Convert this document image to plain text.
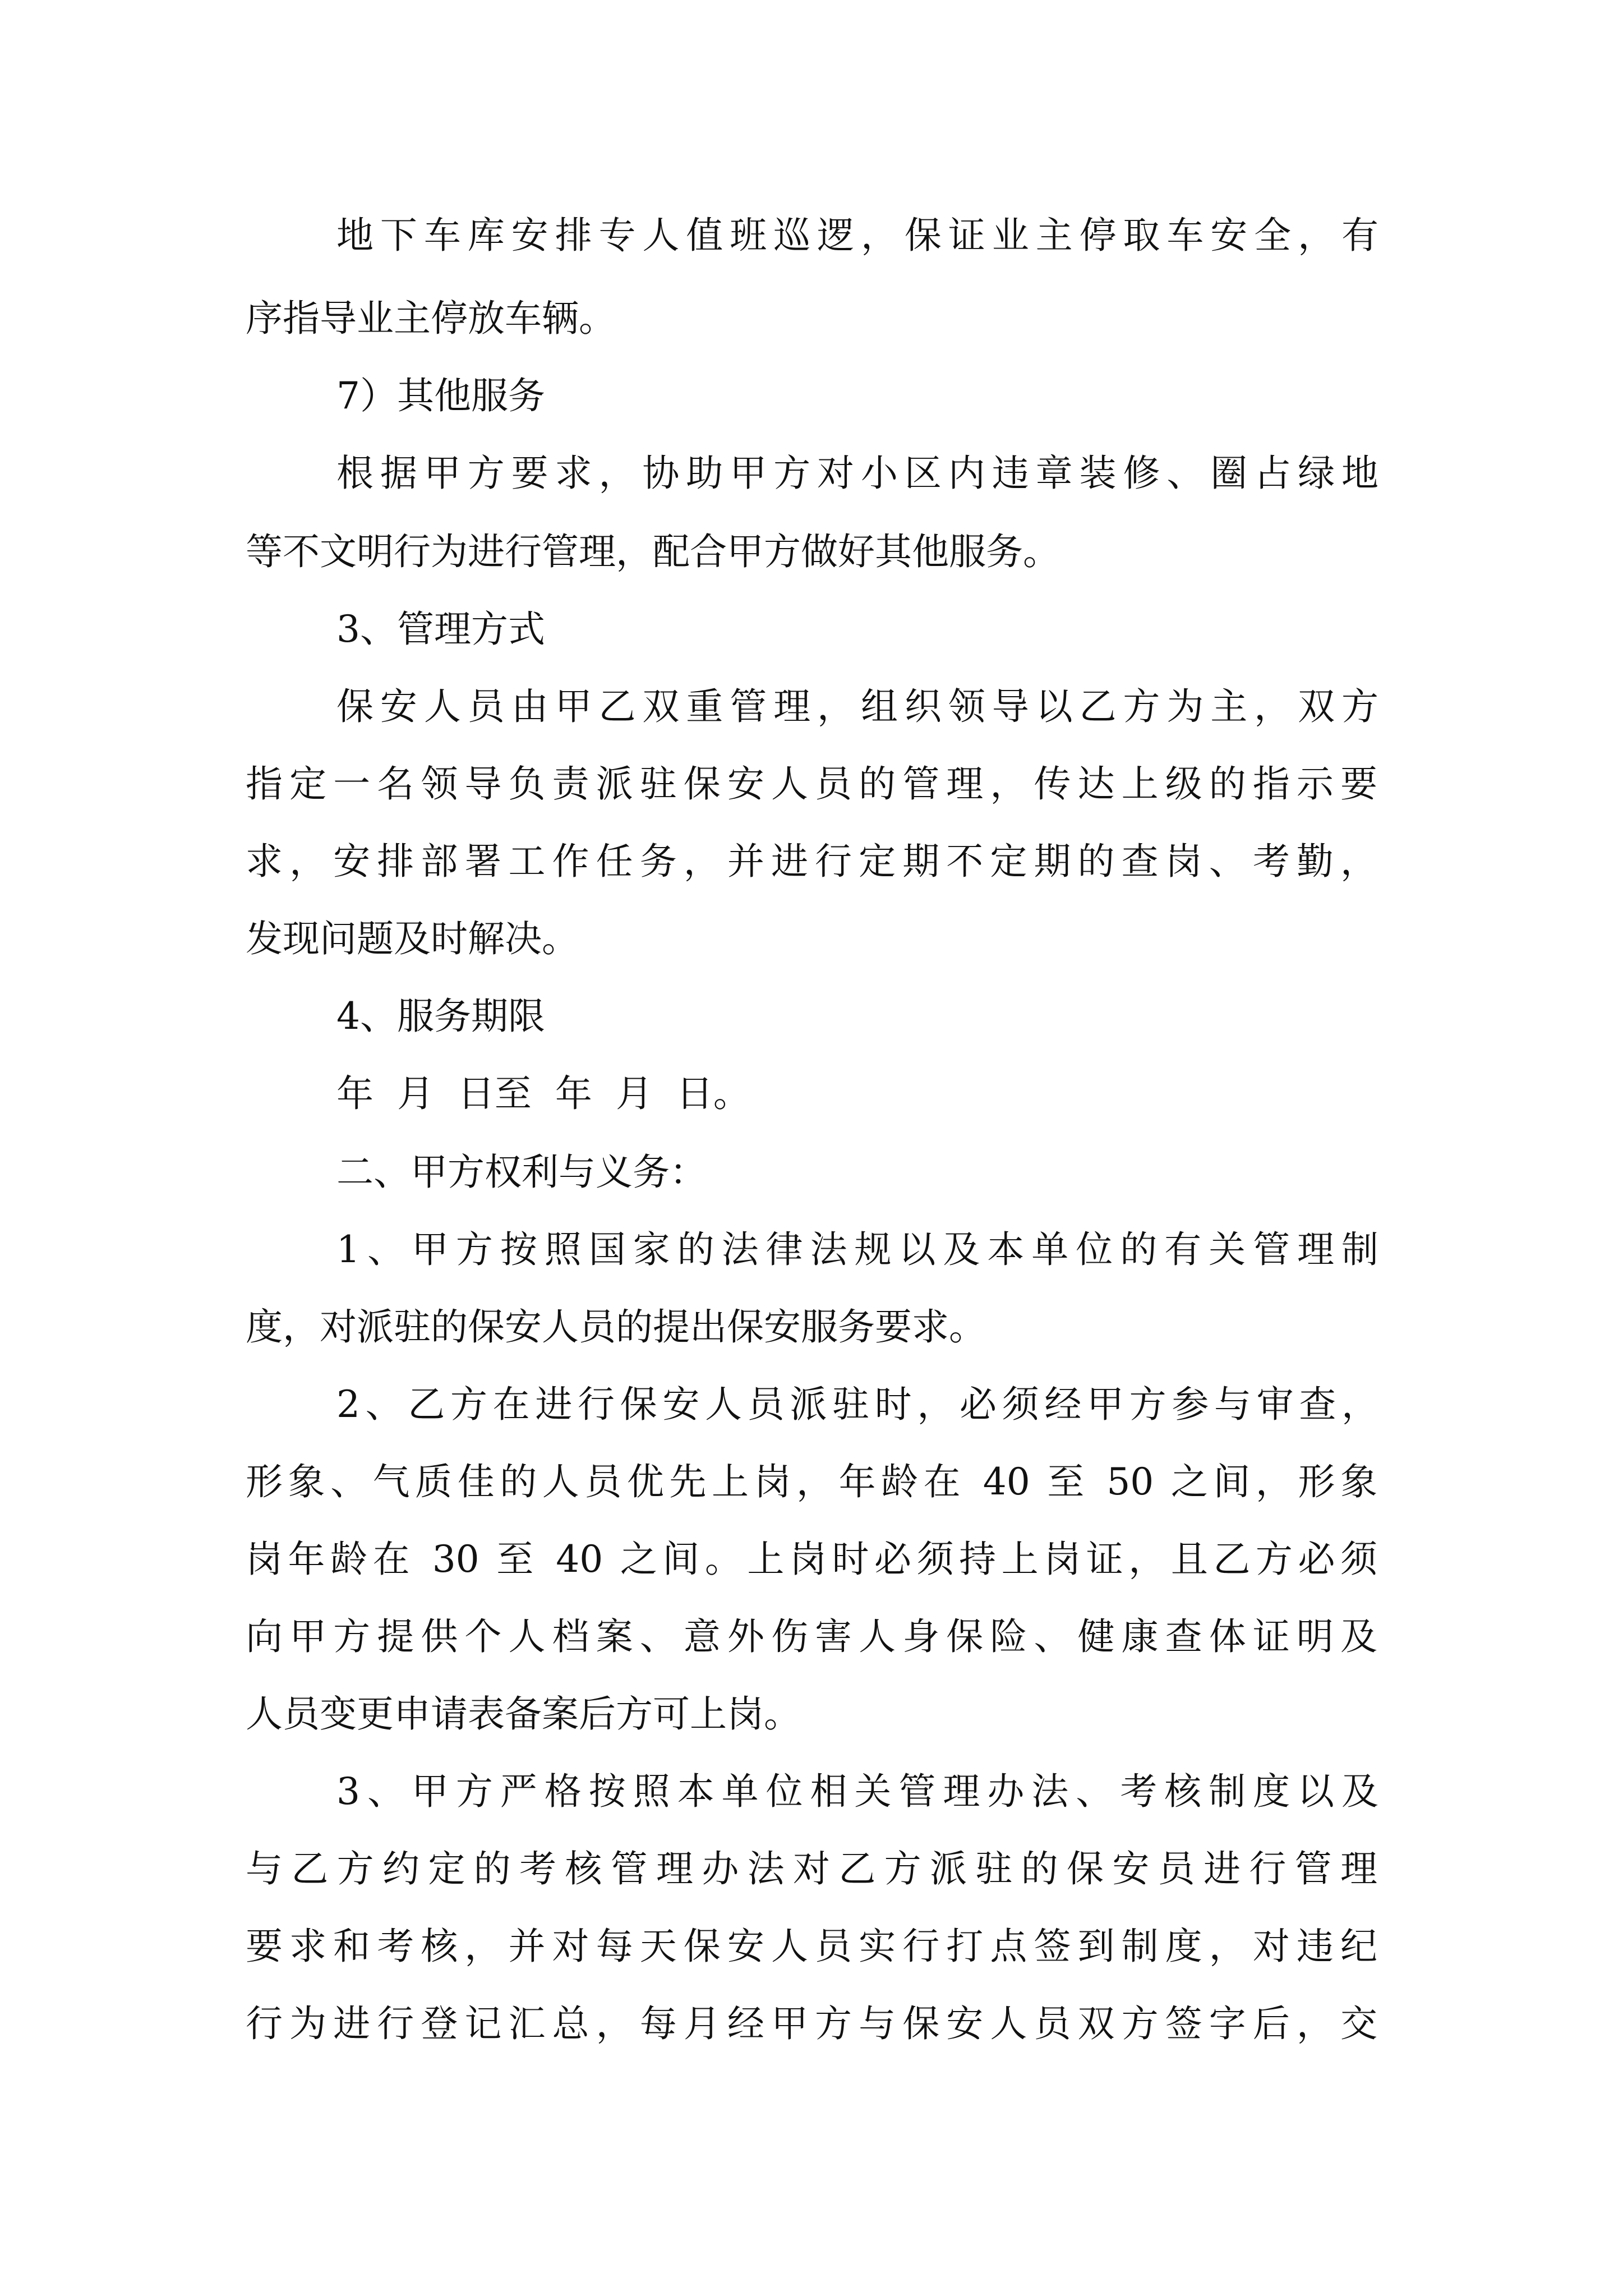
地下车库安排专人值班巡逻，保证业主停取车安全，有
序指导业主停放车辆。
7）其他服务
根据甲方要求，协助甲方对小区内违章装修、圈占绿地
等不文明行为进行管理，配合甲方做好其他服务。
3、管理方式
保安人员由甲乙双重管理，组织领导以乙方为主，双方
指定一名领导负责派驻保安人员的管理，传达上级的指示要
求，安排部署工作任务，并进行定期不定期的查岗、考勤，
发现问题及时解决。
4、服务期限
年  月  日至  年  月  日。
二、甲方权利与义务：
1、甲方按照国家的法律法规以及本单位的有关管理制
度，对派驻的保安人员的提出保安服务要求。
2、乙方在进行保安人员派驻时，必须经甲方参与审查，
形象、气质佳的人员优先上岗，年龄在 40 至 50 之间，形象
岗年龄在 30 至 40 之间。上岗时必须持上岗证，且乙方必须
向甲方提供个人档案、意外伤害人身保险、健康查体证明及
人员变更申请表备案后方可上岗。
3、甲方严格按照本单位相关管理办法、考核制度以及
与乙方约定的考核管理办法对乙方派驻的保安员进行管理
要求和考核，并对每天保安人员实行打点签到制度，对违纪
行为进行登记汇总，每月经甲方与保安人员双方签字后，交
